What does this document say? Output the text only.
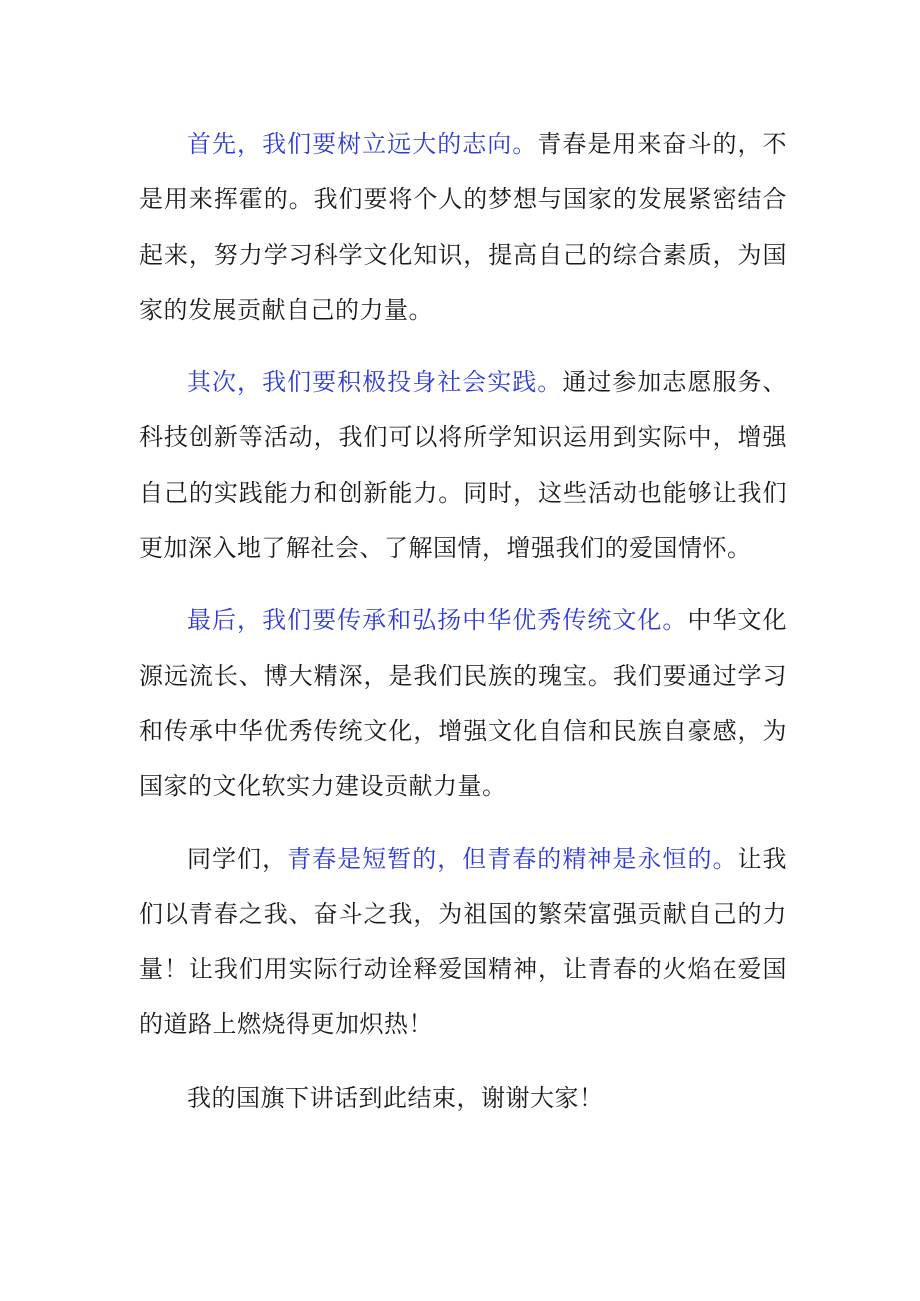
首先，我们要树立远大的志向。青春是用来奋斗的，不是用来挥霍的。我们要将个人的梦想与国家的发展紧密结合起来，努力学习科学文化知识，提高自己的综合素质，为国家的发展贡献自己的力量。

其次，我们要积极投身社会实践。通过参加志愿服务、科技创新等活动，我们可以将所学知识运用到实际中，增强自己的实践能力和创新能力。同时，这些活动也能够让我们更加深入地了解社会、了解国情，增强我们的爱国情怀。

最后，我们要传承和弘扬中华优秀传统文化。中华文化源远流长、博大精深，是我们民族的瑰宝。我们要通过学习和传承中华优秀传统文化，增强文化自信和民族自豪感，为国家的文化软实力建设贡献力量。

同学们，青春是短暂的，但青春的精神是永恒的。让我们以青春之我、奋斗之我，为祖国的繁荣富强贡献自己的力量！让我们用实际行动诠释爱国精神，让青春的火焰在爱国的道路上燃烧得更加炽热！

我的国旗下讲话到此结束，谢谢大家！
